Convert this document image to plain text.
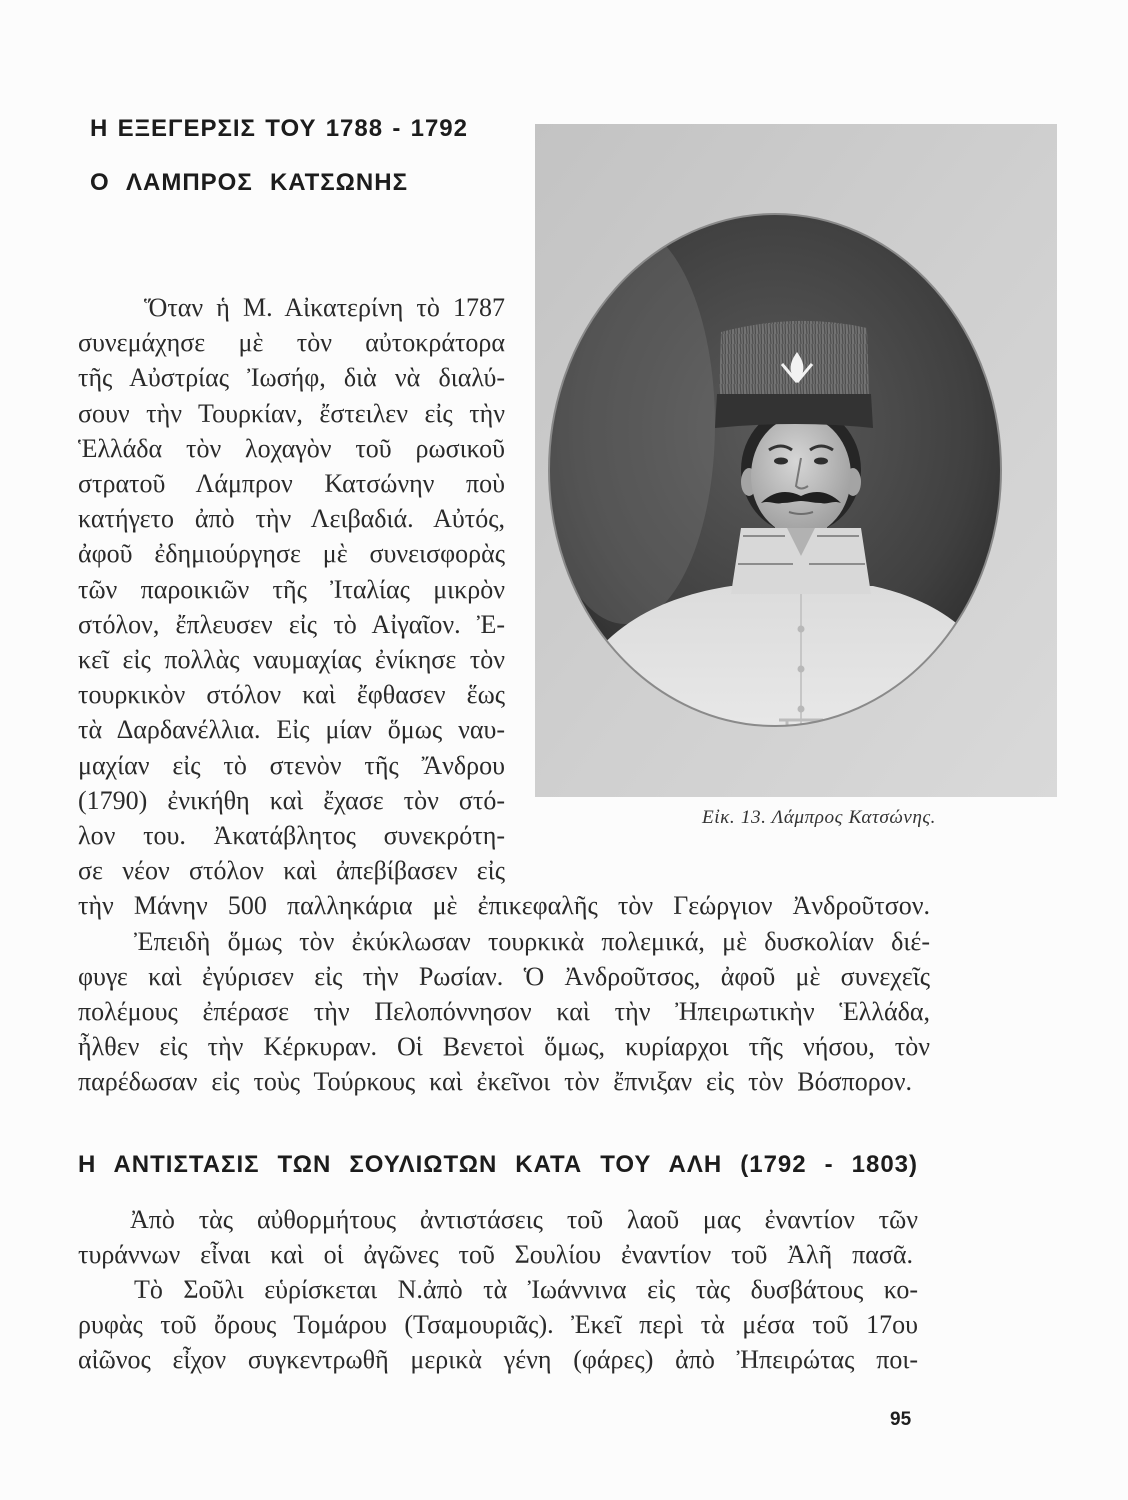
Η ΕΞΕΓΕΡΣΙΣ ΤΟΥ 1788 - 1792
Ο ΛΑΜΠΡΟΣ ΚΑΤΣΩΝΗΣ
Εἰκ. 13. Λάμπρος Κατσώνης.
Ὅταν ἡ Μ. Αἰκατερίνη τὸ 1787
συνεμάχησε μὲ τὸν αὐτοκράτορα
τῆς Αὐστρίας Ἰωσήφ, διὰ νὰ διαλύ-
σουν τὴν Τουρκίαν, ἔστειλεν εἰς τὴν
Ἑλλάδα τὸν λοχαγὸν τοῦ ρωσικοῦ
στρατοῦ Λάμπρον Κατσώνην ποὺ
κατήγετο ἀπὸ τὴν Λειβαδιά. Αὐτός,
ἀφοῦ ἐδημιούργησε μὲ συνεισφορὰς
τῶν παροικιῶν τῆς Ἰταλίας μικρὸν
στόλον, ἔπλευσεν εἰς τὸ Αἰγαῖον. Ἐ-
κεῖ εἰς πολλὰς ναυμαχίας ἐνίκησε τὸν
τουρκικὸν στόλον καὶ ἔφθασεν ἕως
τὰ Δαρδανέλλια. Εἰς μίαν ὅμως ναυ-
μαχίαν εἰς τὸ στενὸν τῆς Ἄνδρου
(1790) ἐνικήθη καὶ ἔχασε τὸν στό-
λον του. Ἀκατάβλητος συνεκρότη-
σε νέον στόλον καὶ ἀπεβίβασεν εἰς
τὴν Μάνην 500 παλληκάρια μὲ ἐπικεφαλῆς τὸν Γεώργιον Ἀνδροῦτσον.
Ἐπειδὴ ὅμως τὸν ἐκύκλωσαν τουρκικὰ πολεμικά, μὲ δυσκολίαν διέ-
φυγε καὶ ἐγύρισεν εἰς τὴν Ρωσίαν. Ὁ Ἀνδροῦτσος, ἀφοῦ μὲ συνεχεῖς
πολέμους ἐπέρασε τὴν Πελοπόννησον καὶ τὴν Ἠπειρωτικὴν Ἑλλάδα,
ἦλθεν εἰς τὴν Κέρκυραν. Οἱ Βενετοὶ ὅμως, κυρίαρχοι τῆς νήσου, τὸν
παρέδωσαν εἰς τοὺς Τούρκους καὶ ἐκεῖνοι τὸν ἔπνιξαν εἰς τὸν Βόσπορον.
Η ΑΝΤΙΣΤΑΣΙΣ ΤΩΝ ΣΟΥΛΙΩΤΩΝ ΚΑΤΑ ΤΟΥ ΑΛΗ (1792 - 1803)
Ἀπὸ τὰς αὐθορμήτους ἀντιστάσεις τοῦ λαοῦ μας ἐναντίον τῶν
τυράννων εἶναι καὶ οἱ ἀγῶνες τοῦ Σουλίου ἐναντίον τοῦ Ἀλῆ πασᾶ.
Τὸ Σοῦλι εὑρίσκεται Ν.ἀπὸ τὰ Ἰωάννινα εἰς τὰς δυσβάτους κο-
ρυφὰς τοῦ ὄρους Τομάρου (Τσαμουριᾶς). Ἐκεῖ περὶ τὰ μέσα τοῦ 17ου
αἰῶνος εἶχον συγκεντρωθῆ μερικὰ γένη (φάρες) ἀπὸ Ἠπειρώτας ποι-
95
